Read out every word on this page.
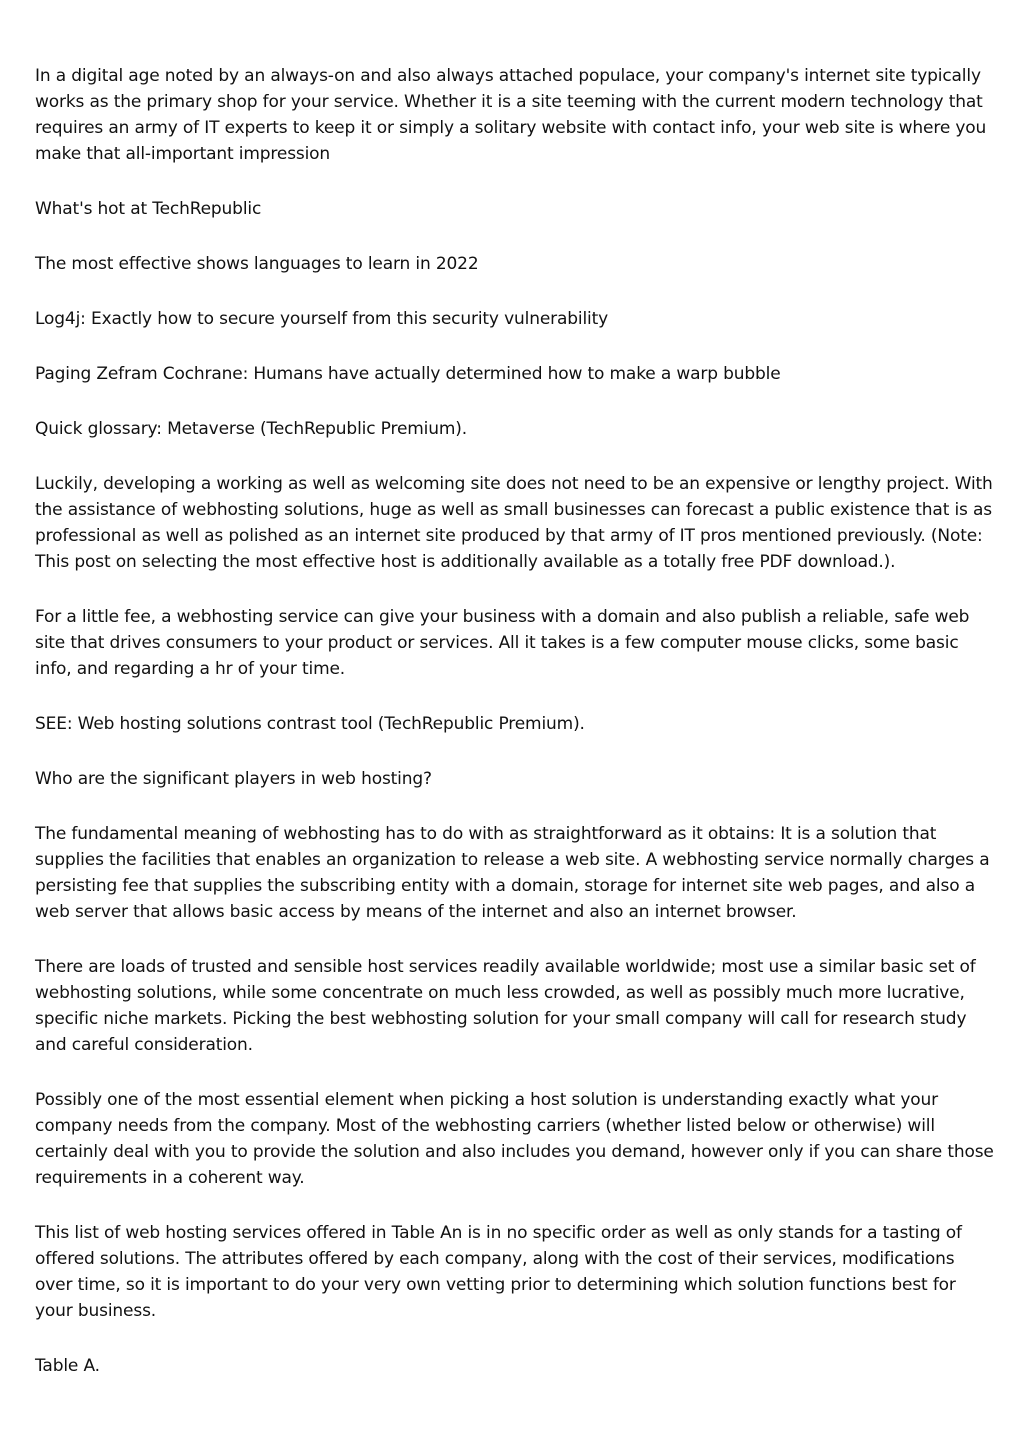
In a digital age noted by an always-on and also always attached populace, your company's internet site typically works as the primary shop for your service. Whether it is a site teeming with the current modern technology that requires an army of IT experts to keep it or simply a solitary website with contact info, your web site is where you make that all-important impression

What's hot at TechRepublic

The most effective shows languages to learn in 2022

Log4j: Exactly how to secure yourself from this security vulnerability

Paging Zefram Cochrane: Humans have actually determined how to make a warp bubble

Quick glossary: Metaverse (TechRepublic Premium).

Luckily, developing a working as well as welcoming site does not need to be an expensive or lengthy project. With the assistance of webhosting solutions, huge as well as small businesses can forecast a public existence that is as professional as well as polished as an internet site produced by that army of IT pros mentioned previously. (Note: This post on selecting the most effective host is additionally available as a totally free PDF download.).

For a little fee, a webhosting service can give your business with a domain and also publish a reliable, safe web site that drives consumers to your product or services. All it takes is a few computer mouse clicks, some basic info, and regarding a hr of your time.

SEE: Web hosting solutions contrast tool (TechRepublic Premium).

Who are the significant players in web hosting?

The fundamental meaning of webhosting has to do with as straightforward as it obtains: It is a solution that supplies the facilities that enables an organization to release a web site. A webhosting service normally charges a persisting fee that supplies the subscribing entity with a domain, storage for internet site web pages, and also a web server that allows basic access by means of the internet and also an internet browser.

There are loads of trusted and sensible host services readily available worldwide; most use a similar basic set of webhosting solutions, while some concentrate on much less crowded, as well as possibly much more lucrative, specific niche markets. Picking the best webhosting solution for your small company will call for research study and careful consideration.

Possibly one of the most essential element when picking a host solution is understanding exactly what your company needs from the company. Most of the webhosting carriers (whether listed below or otherwise) will certainly deal with you to provide the solution and also includes you demand, however only if you can share those requirements in a coherent way.

This list of web hosting services offered in Table An is in no specific order as well as only stands for a tasting of offered solutions. The attributes offered by each company, along with the cost of their services, modifications over time, so it is important to do your very own vetting prior to determining which solution functions best for your business.

Table A.
